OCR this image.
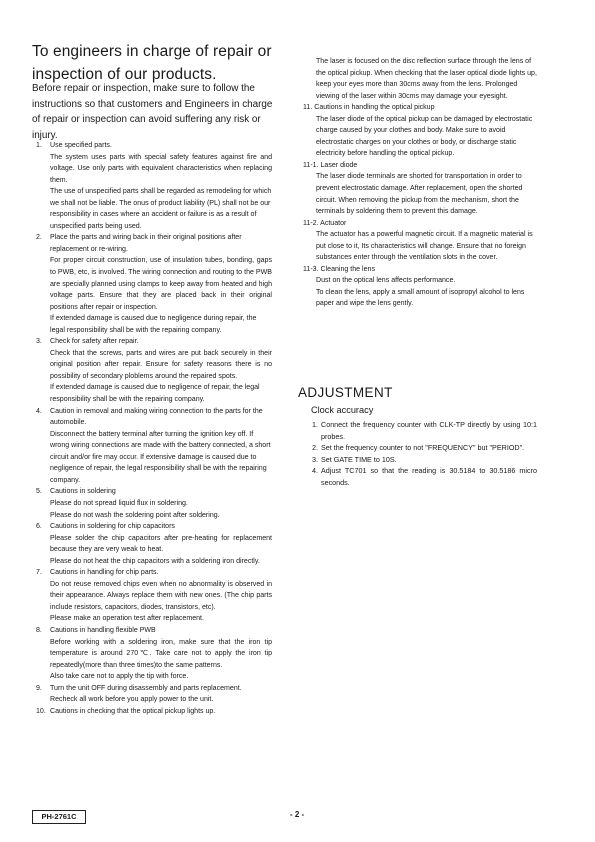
To engineers in charge of repair or inspection of our products.
Before repair or inspection, make sure to follow the instructions so that customers and Engineers in charge of repair or inspection can avoid suffering any risk or injury.
1. Use specified parts.

The system uses parts with special safety features against fire and voltage. Use only parts with equivalent characteristics when replacing them.

The use of unspecified parts shall be regarded as remodeling for which we shall not be liable. The onus of product liability (PL) shall not be our responsibility in cases where an accident or failure is as a result of unspecified parts being used.

2. Place the parts and wiring back in their original positions after replacement or re-wiring.

For proper circuit construction, use of insulation tubes, bonding, gaps to PWB, etc, is involved. The wiring connection and routing to the PWB are specially planned using clamps to keep away from heated and high voltage parts. Ensure that they are placed back in their original positions after repair or inspection.

If extended damage is caused due to negligence during repair, the legal responsibility shall be with the repairing company.

3. Check for safety after repair.

Check that the screws, parts and wires are put back securely in their original position after repair. Ensure for safety reasons there is no possibility of secondary ploblems around the repaired spots.

If extended damage is caused due to negligence of repair, the legal responsibility shall be with the repairing company.

4. Caution in removal and making wiring connection to the parts for the automobile.

Disconnect the battery terminal after turning the ignition key off. If wrong wiring connections are made with the battery connected, a short circuit and/or fire may occur. If extensive damage is caused due to negligence of repair, the legal responsibility shall be with the repairing company.

5. Cautions in soldering

Please do not spread liquid flux in soldering.

Please do not wash the soldering point after soldering.

6. Cautions in soldering for chip capacitors

Please solder the chip capacitors after pre-heating for replacement because they are very weak to heat.

Please do not heat the chip capacitors with a soldering iron directly.

7. Cautions in handling for chip parts.

Do not reuse removed chips even when no abnormality is observed in their appearance. Always replace them with new ones. (The chip parts include resistors, capacitors, diodes, transistors, etc).

Please make an operation test after replacement.

8. Cautions in handling flexible PWB

Before working with a soldering iron, make sure that the iron tip temperature is around 270℃. Take care not to apply the iron tip repeatedly(more than three times)to the same patterns.

Also take care not to apply the tip with force.

9. Turn the unit OFF during disassembly and parts replacement.

Recheck all work before you apply power to the unit.

10. Cautions in checking that the optical pickup lights up.

The laser is focused on the disc reflection surface through the lens of the optical pickup. When checking that the laser optical diode lights up, keep your eyes more than 30cms away from the lens. Prolonged viewing of the laser within 30cms may damage your eyesight.

11. Cautions in handling the optical pickup

The laser diode of the optical pickup can be damaged by electrostatic charge caused by your clothes and body. Make sure to avoid electrostatic charges on your clothes or body, or discharge static electricity before handling the optical pickup.

11-1. Laser diode

The laser diode terminals are shorted for transportation in order to prevent electrostatic damage. After replacement, open the shorted circuit. When removing the pickup from the mechanism, short the terminals by soldering them to prevent this damage.

11-2. Actuator

The actuator has a powerful magnetic circuit. If a magnetic material is put close to it, Its characteristics will change. Ensure that no foreign substances enter through the ventilation slots in the cover.

11-3. Cleaning the lens

Dust on the optical lens affects performance.

To clean the lens, apply a small amount of isopropyl alcohol to lens paper and wipe the lens gently.

ADJUSTMENT
Clock accuracy
1. Connect the frequency counter with CLK-TP directly by using 10:1 probes.

2. Set the frequency counter to not "FREQUENCY" but "PERIOD".

3. Set GATE TIME to 10S.

4. Adjust TC701 so that the reading is 30.5184 to 30.5186 micro seconds.

PH-2761C	- 2 -
